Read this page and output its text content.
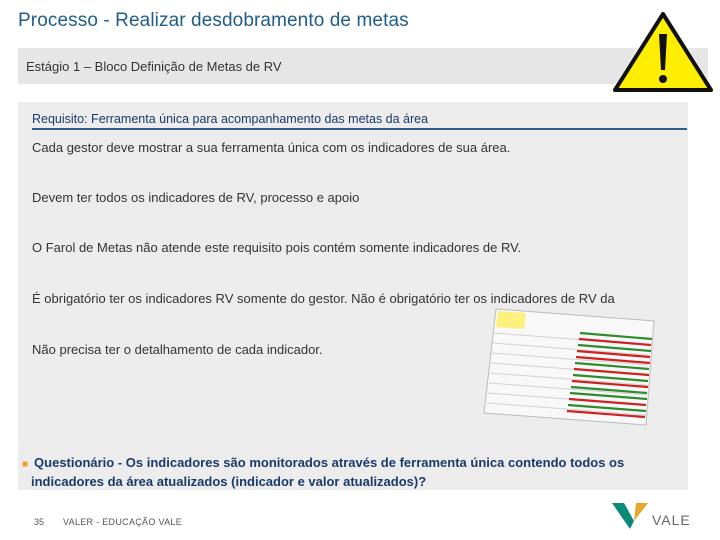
Processo - Realizar desdobramento de metas
Estágio 1 – Bloco Definição de Metas de RV
Requisito: Ferramenta única para acompanhamento das metas da área
Cada gestor deve mostrar a sua ferramenta única com os indicadores de sua área.
Devem ter todos os indicadores de RV, processo e apoio
O Farol de Metas não atende este requisito pois contém somente indicadores de RV.
É obrigatório ter os indicadores RV somente do gestor. Não é obrigatório ter os indicadores de RV da
Não precisa ter o detalhamento de cada indicador.
■ Questionário - Os indicadores são monitorados através de ferramenta única contendo todos os
indicadores da área atualizados (indicador e valor atualizados)?
35 VALER - EDUCAÇÃO VALE	VALE
